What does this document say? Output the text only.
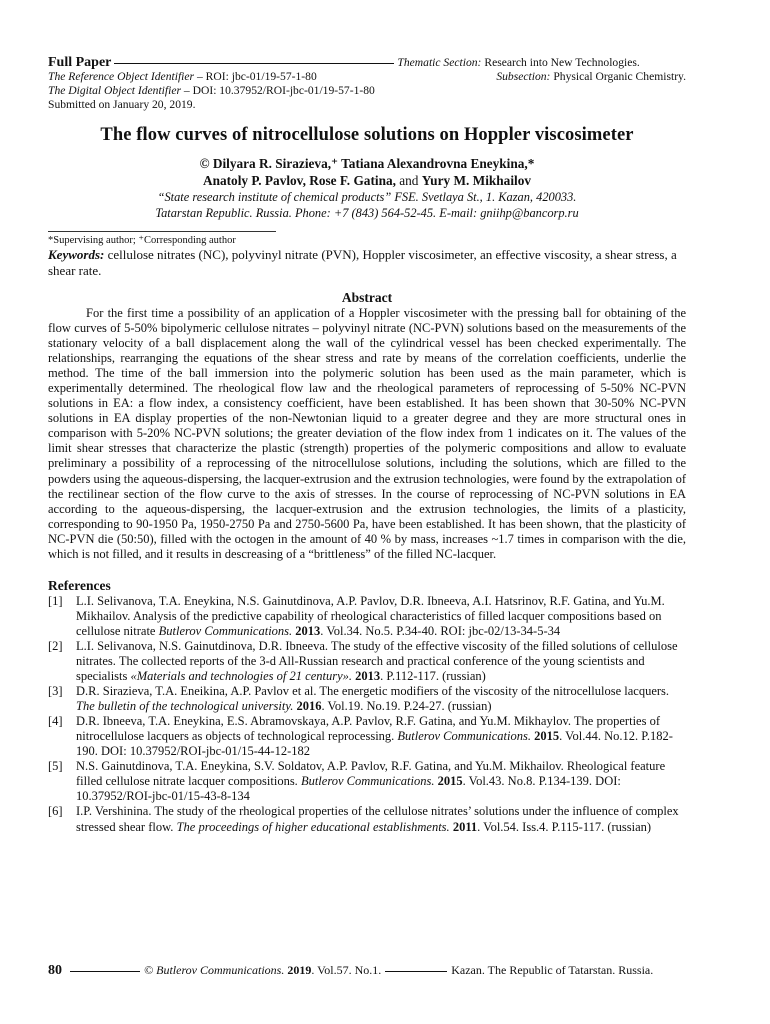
Full Paper	Thematic Section: Research into New Technologies.
The Reference Object Identifier – ROI: jbc-01/19-57-1-80	Subsection: Physical Organic Chemistry.
The Digital Object Identifier – DOI: 10.37952/ROI-jbc-01/19-57-1-80
Submitted on January 20, 2019.
The flow curves of nitrocellulose solutions on Hoppler viscosimeter
© Dilyara R. Sirazieva,⁺ Tatiana Alexandrovna Eneykina,*
Anatoly P. Pavlov, Rose F. Gatina, and Yury M. Mikhailov
“State research institute of chemical products” FSE. Svetlaya St., 1. Kazan, 420033.
Tatarstan Republic. Russia. Phone: +7 (843) 564-52-45. E-mail: gniihp@bancorp.ru
*Supervising author; ⁺Corresponding author
Keywords: cellulose nitrates (NC), polyvinyl nitrate (PVN), Hoppler viscosimeter, an effective viscosity, a shear stress, a shear rate.
Abstract

For the first time a possibility of an application of a Hoppler viscosimeter with the pressing ball for obtaining of the flow curves of 5-50% bipolymeric cellulose nitrates – polyvinyl nitrate (NC-PVN) solutions based on the measurements of the stationary velocity of a ball displacement along the wall of the cylindrical vessel has been checked experimentally. The relationships, rearranging the equations of the shear stress and rate by means of the correlation coefficients, underlie the method. The time of the ball immersion into the polymeric solution has been used as the main parameter, which is experimentally determined. The rheological flow law and the rheological parameters of reprocessing of 5-50% NC-PVN solutions in EA: a flow index, a consistency coefficient, have been established. It has been shown that 30-50% NC-PVN solutions in EA display properties of the non-Newtonian liquid to a greater degree and they are more structural ones in comparison with 5-20% NC-PVN solutions; the greater deviation of the flow index from 1 indicates on it. The values of the limit shear stresses that characterize the plastic (strength) properties of the polymeric compositions and allow to evaluate preliminary a possibility of a reprocessing of the nitrocellulose solutions, including the solutions, which are filled to the powders using the aqueous-dispersing, the lacquer-extrusion and the extrusion technologies, were found by the extrapolation of the rectilinear section of the flow curve to the axis of stresses. In the course of reprocessing of NC-PVN solutions in EA according to the aqueous-dispersing, the lacquer-extrusion and the extrusion technologies, the limits of a plasticity, corresponding to 90-1950 Pa, 1950-2750 Pa and 2750-5600 Pa, have been established. It has been shown, that the plasticity of NC-PVN die (50:50), filled with the octogen in the amount of 40 % by mass, increases ~1.7 times in comparison with the die, which is not filled, and it results in descreasing of a “brittleness” of the filled NC-lacquer.

References
[1]	L.I. Selivanova, T.A. Eneykina, N.S. Gainutdinova, A.P. Pavlov, D.R. Ibneeva, A.I. Hatsrinov, R.F. Gatina, and Yu.M. Mikhailov. Analysis of the predictive capability of rheological characteristics of filled lacquer compositions based on cellulose nitrate Butlerov Communications. 2013. Vol.34. No.5. P.34-40. ROI: jbc-02/13-34-5-34
[2]	L.I. Selivanova, N.S. Gainutdinova, D.R. Ibneeva. The study of the effective viscosity of the filled solutions of cellulose nitrates. The collected reports of the 3-d All-Russian research and practical conference of the young scientists and specialists «Materials and technologies of 21 century». 2013. P.112-117. (russian)
[3]	D.R. Sirazieva, T.A. Eneikina, A.P. Pavlov et al. The energetic modifiers of the viscosity of the nitrocellulose lacquers. The bulletin of the technological university. 2016. Vol.19. No.19. P.24-27. (russian)
[4]	D.R. Ibneeva, T.A. Eneykina, E.S. Abramovskaya, A.P. Pavlov, R.F. Gatina, and Yu.M. Mikhaylov. The properties of nitrocellulose lacquers as objects of technological reprocessing. Butlerov Communications. 2015. Vol.44. No.12. P.182-190. DOI: 10.37952/ROI-jbc-01/15-44-12-182
[5]	N.S. Gainutdinova, T.A. Eneykina, S.V. Soldatov, A.P. Pavlov, R.F. Gatina, and Yu.M. Mikhailov. Rheological feature filled cellulose nitrate lacquer compositions. Butlerov Communications. 2015. Vol.43. No.8. P.134-139. DOI: 10.37952/ROI-jbc-01/15-43-8-134
[6]	I.P. Vershinina. The study of the rheological properties of the cellulose nitrates’ solutions under the influence of complex stressed shear flow. The proceedings of higher educational establishments. 2011. Vol.54. Iss.4. P.115-117. (russian)
80	© Butlerov Communications.
2019 . Vol.57. No.1.	Kazan. The Republic of Tatarstan. Russia.
